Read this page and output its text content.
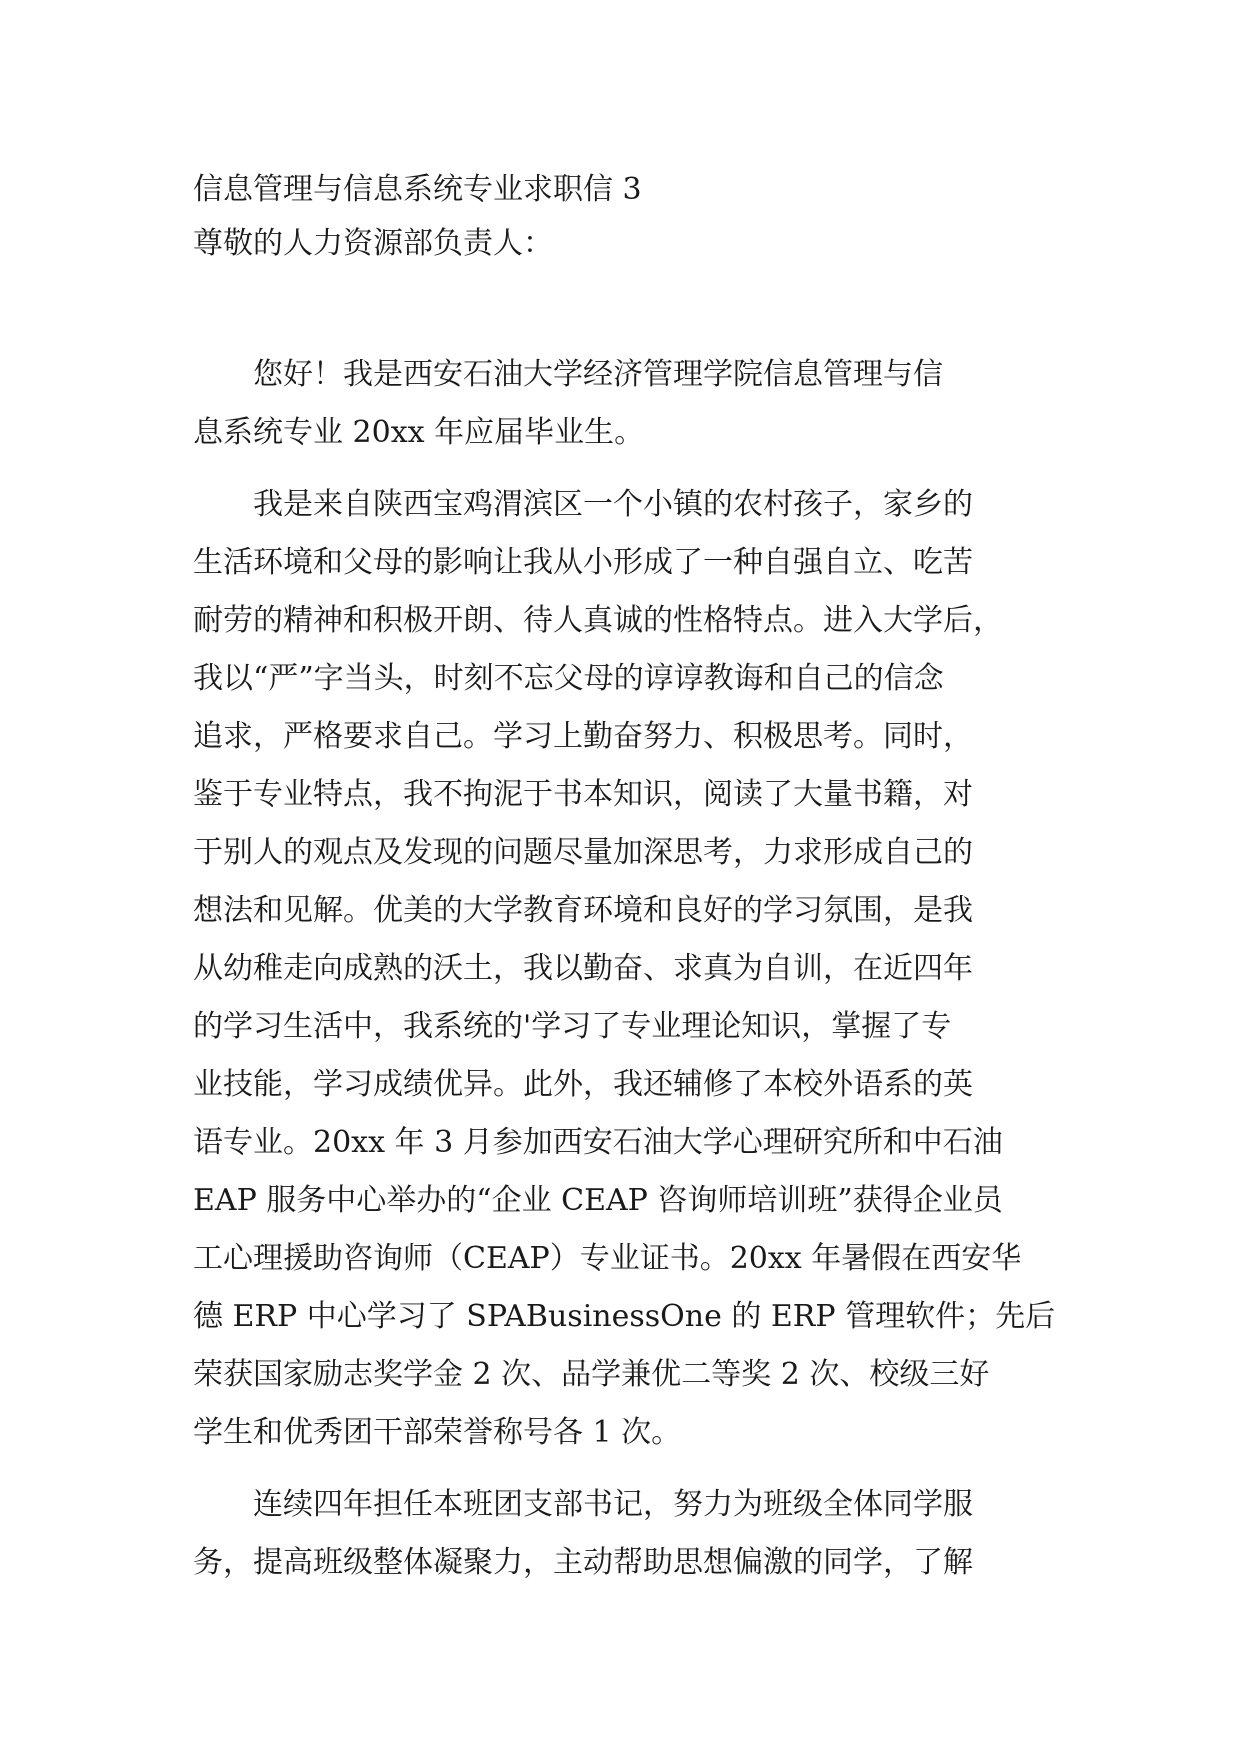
信息管理与信息系统专业求职信 3

尊敬的人力资源部负责人：

您好！我是西安石油大学经济管理学院信息管理与信

息系统专业 20xx 年应届毕业生。

我是来自陕西宝鸡渭滨区一个小镇的农村孩子，家乡的

生活环境和父母的影响让我从小形成了一种自强自立、吃苦

耐劳的精神和积极开朗、待人真诚的性格特点。进入大学后，

我以“严”字当头，时刻不忘父母的谆谆教诲和自己的信念

追求，严格要求自己。学习上勤奋努力、积极思考。同时，

鉴于专业特点，我不拘泥于书本知识，阅读了大量书籍，对

于别人的观点及发现的问题尽量加深思考，力求形成自己的

想法和见解。优美的大学教育环境和良好的学习氛围，是我

从幼稚走向成熟的沃土，我以勤奋、求真为自训，在近四年

的学习生活中，我系统的'学习了专业理论知识，掌握了专

业技能，学习成绩优异。此外，我还辅修了本校外语系的英

语专业。20xx 年 3 月参加西安石油大学心理研究所和中石油

EAP 服务中心举办的“企业 CEAP 咨询师培训班”获得企业员

工心理援助咨询师（CEAP）专业证书。20xx 年暑假在西安华

德 ERP 中心学习了 SPABusinessOne 的 ERP 管理软件；先后

荣获国家励志奖学金 2 次、品学兼优二等奖 2 次、校级三好

学生和优秀团干部荣誉称号各 1 次。

连续四年担任本班团支部书记，努力为班级全体同学服

务，提高班级整体凝聚力，主动帮助思想偏激的同学，了解
